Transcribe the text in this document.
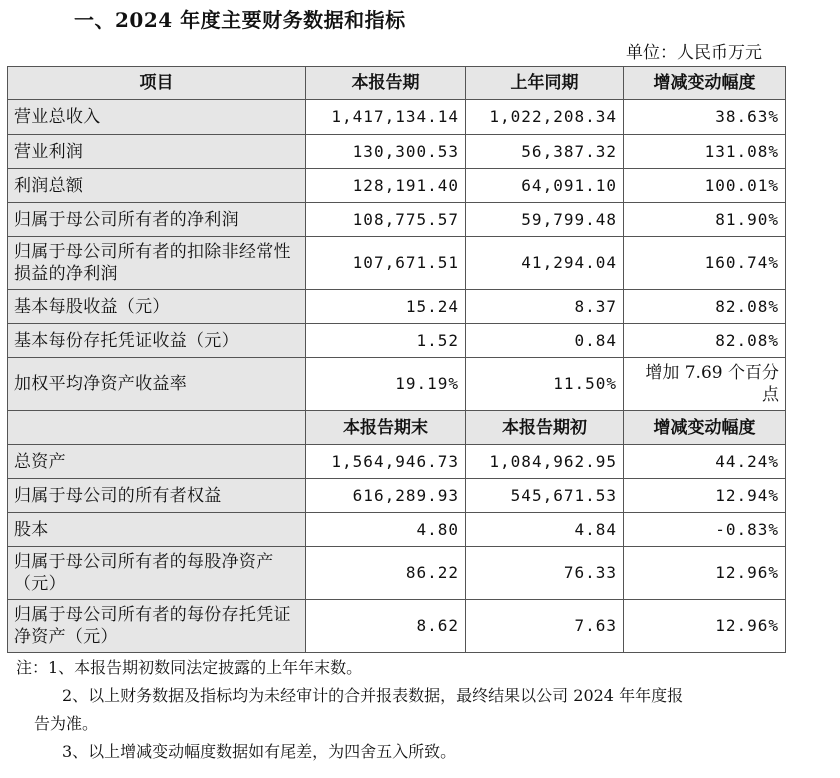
一、2024 年度主要财务数据和指标
单位：人民币万元
项目	本报告期	上年同期	增减变动幅度
营业总收入	1,417,134.14	1,022,208.34	38.63%
营业利润	130,300.53	56,387.32	131.08%
利润总额	128,191.40	64,091.10	100.01%
归属于母公司所有者的净利润	108,775.57	59,799.48	81.90%
归属于母公司所有者的扣除非经常性损益的净利润	107,671.51	41,294.04	160.74%
基本每股收益（元）	15.24	8.37	82.08%
基本每份存托凭证收益（元）	1.52	0.84	82.08%
加权平均净资产收益率	19.19%	11.50%	增加 7.69 个百分点
	本报告期末	本报告期初	增减变动幅度
总资产	1,564,946.73	1,084,962.95	44.24%
归属于母公司的所有者权益	616,289.93	545,671.53	12.94%
股本	4.80	4.84	-0.83%
归属于母公司所有者的每股净资产（元）	86.22	76.33	12.96%
归属于母公司所有者的每份存托凭证净资产（元）	8.62	7.63	12.96%
注：1、本报告期初数同法定披露的上年年末数。
2、以上财务数据及指标均为未经审计的合并报表数据，最终结果以公司 2024 年年度报
告为准。
3、以上增减变动幅度数据如有尾差，为四舍五入所致。
